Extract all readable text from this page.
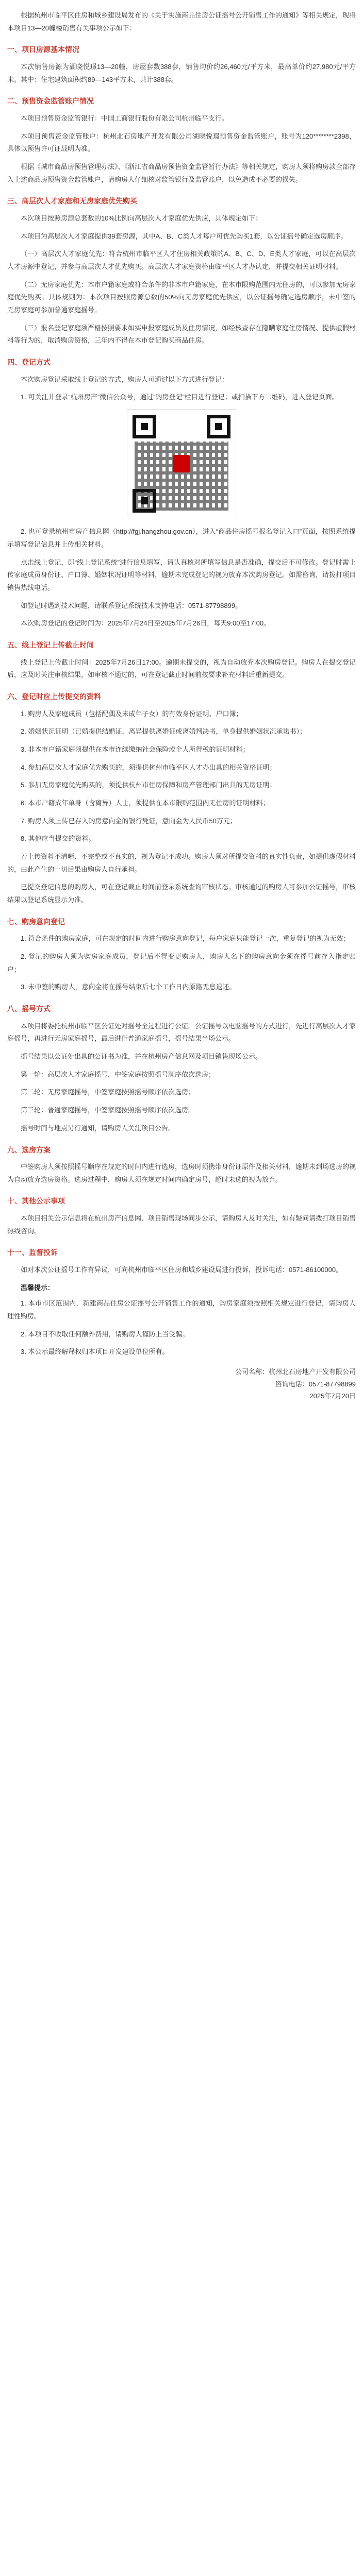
根据杭州市临平区住房和城乡建设局发布的《关于实施商品住房公证摇号公开销售工作的通知》等相关规定，现将本项目13—20幢楼销售有关事项公示如下：

一、项目房源基本情况

本次销售房源为湖晓悦璟13—20幢，房屋套数388套，销售均价约26,460元/平方米，最高单价约27,980元/平方米。其中：住宅建筑面积约89—143平方米，共计388套。

二、预售资金监管账户情况

本项目预售资金监管银行：中国工商银行股份有限公司杭州临平支行。

本项目预售资金监管账户：杭州北石房地产开发有限公司湖晓悦璟预售资金监管账户，账号为120********2398，具体以预售许可证载明为准。

根据《城市商品房预售管理办法》、《浙江省商品房预售资金监管暂行办法》等相关规定，购房人须将购房款全部存入上述商品房预售资金监管账户，请购房人仔细核对监管银行及监管账户，以免造成不必要的损失。

三、高层次人才家庭和无房家庭优先购买

本次项目按照房源总套数的10%比例向高层次人才家庭优先供应，具体规定如下：

本项目为高层次人才家庭提供39套房源，其中A、B、C类人才每户可优先购买1套，以公证摇号确定选房顺序。

（一）高层次人才家庭优先：符合杭州市临平区人才住房相关政策的A、B、C、D、E类人才家庭，可以在高层次人才房源中登记，并参与高层次人才优先购买。高层次人才家庭资格由临平区人才办认定，并提交相关证明材料。

（二）无房家庭优先：本市户籍家庭或符合条件的非本市户籍家庭，在本市限购范围内无住房的，可以参加无房家庭优先购买。具体规则为：本次项目按照房源总数的50%向无房家庭优先供应，以公证摇号确定选房顺序，未中签的无房家庭可参加普通家庭摇号。

（三）报名登记家庭须严格按照要求如实申报家庭成员及住房情况，如经核查存在隐瞒家庭住房情况、提供虚假材料等行为的，取消购房资格，三年内不得在本市登记购买商品住房。

四、登记方式

本次购房登记采取线上登记的方式，购房人可通过以下方式进行登记：

1. 可关注并登录“杭州房产”微信公众号，通过“购房登记”栏目进行登记；或扫描下方二维码，进入登记页面。

2. 也可登录杭州市房产信息网（http://fgj.hangzhou.gov.cn），进入“商品住房摇号报名登记入口”页面，按照系统提示填写登记信息并上传相关材料。

点击线上登记，即“线上登记系统”进行信息填写，请认真核对所填写信息是否准确，提交后不可修改。登记时需上传家庭成员身份证、户口簿、婚姻状况证明等材料，逾期未完成登记的视为放弃本次购房登记。如需咨询，请拨打项目销售热线电话。

如登记时遇到技术问题，请联系登记系统技术支持电话：0571-87798899。

本次购房登记的登记时间为：2025年7月24日至2025年7月26日，每天9:00至17:00。

五、线上登记上传截止时间

线上登记上传截止时间：2025年7月26日17:00。逾期未提交的，视为自动放弃本次购房登记。购房人在提交登记后，应及时关注审核结果，如审核不通过的，可在登记截止时间前按要求补充材料后重新提交。

六、登记时应上传提交的资料

1. 购房人及家庭成员（包括配偶及未成年子女）的有效身份证明、户口簿；

2. 婚姻状况证明（已婚提供结婚证，离异提供离婚证或离婚判决书，单身提供婚姻状况承诺书）；

3. 非本市户籍家庭须提供在本市连续缴纳社会保险或个人所得税的证明材料；

4. 参加高层次人才家庭优先购买的，须提供杭州市临平区人才办出具的相关资格证明；

5. 参加无房家庭优先购买的，须提供杭州市住房保障和房产管理部门出具的无房证明；

6. 本市户籍成年单身（含离异）人士，须提供在本市限购范围内无住房的证明材料；

7. 购房人须上传已存入购房意向金的银行凭证，意向金为人民币50万元；

8. 其他应当提交的资料。

若上传资料不清晰、不完整或不真实的，视为登记不成功。购房人须对所提交资料的真实性负责，如提供虚假材料的，由此产生的一切后果由购房人自行承担。

已提交登记信息的购房人，可在登记截止时间前登录系统查询审核状态。审核通过的购房人可参加公证摇号，审核结果以登记系统显示为准。

七、购房意向登记

1. 符合条件的购房家庭，可在规定的时间内进行购房意向登记，每户家庭只能登记一次，重复登记的视为无效；

2. 登记的购房人须为购房家庭成员，登记后不得变更购房人，购房人名下的购房意向金须在摇号前存入指定账户；

3. 未中签的购房人，意向金将在摇号结束后七个工作日内原路无息退还。

八、摇号方式

本项目将委托杭州市临平区公证处对摇号全过程进行公证。公证摇号以电脑摇号的方式进行，先进行高层次人才家庭摇号，再进行无房家庭摇号，最后进行普通家庭摇号，摇号结果当场公示。

摇号结果以公证处出具的公证书为准，并在杭州房产信息网及项目销售现场公示。

第一轮：高层次人才家庭摇号，中签家庭按照摇号顺序依次选房；

第二轮：无房家庭摇号，中签家庭按照摇号顺序依次选房；

第三轮：普通家庭摇号，中签家庭按照摇号顺序依次选房。

摇号时间与地点另行通知，请购房人关注项目公告。

九、选房方案

中签购房人须按照摇号顺序在规定的时间内进行选房，选房时须携带身份证原件及相关材料，逾期未到场选房的视为自动放弃选房资格。选房过程中，购房人须在规定时间内确定房号，超时未选的视为放弃。

十、其他公示事项

本项目相关公示信息将在杭州房产信息网、项目销售现场同步公示，请购房人及时关注，如有疑问请拨打项目销售热线咨询。

十一、监督投诉

如对本次公证摇号工作有异议，可向杭州市临平区住房和城乡建设局进行投诉，投诉电话：0571-86100000。

温馨提示：

1. 本市市区范围内，新建商品住房公证摇号公开销售工作的通知，购房家庭须按照相关规定进行登记，请购房人理性购房。

2. 本项目不收取任何额外费用，请购房人谨防上当受骗。

3. 本公示最终解释权归本项目开发建设单位所有。

公司名称：杭州北石房地产开发有限公司
咨询电话：0571-87798899
2025年7月20日
